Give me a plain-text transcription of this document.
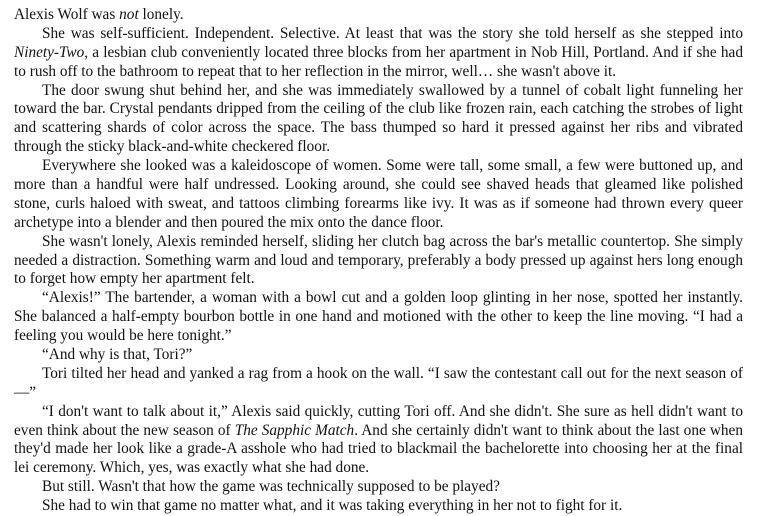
Alexis Wolf was not lonely.

She was self-sufficient. Independent. Selective. At least that was the story she told herself as she stepped into Ninety-Two, a lesbian club conveniently located three blocks from her apartment in Nob Hill, Portland. And if she had to rush off to the bathroom to repeat that to her reflection in the mirror, well… she wasn't above it.

The door swung shut behind her, and she was immediately swallowed by a tunnel of cobalt light funneling her toward the bar. Crystal pendants dripped from the ceiling of the club like frozen rain, each catching the strobes of light and scattering shards of color across the space. The bass thumped so hard it pressed against her ribs and vibrated through the sticky black-and-white checkered floor.

Everywhere she looked was a kaleidoscope of women. Some were tall, some small, a few were buttoned up, and more than a handful were half undressed. Looking around, she could see shaved heads that gleamed like polished stone, curls haloed with sweat, and tattoos climbing forearms like ivy. It was as if someone had thrown every queer archetype into a blender and then poured the mix onto the dance floor.

She wasn't lonely, Alexis reminded herself, sliding her clutch bag across the bar's metallic countertop. She simply needed a distraction. Something warm and loud and temporary, preferably a body pressed up against hers long enough to forget how empty her apartment felt.

“Alexis!” The bartender, a woman with a bowl cut and a golden loop glinting in her nose, spotted her instantly. She balanced a half-empty bourbon bottle in one hand and motioned with the other to keep the line moving. “I had a feeling you would be here tonight.”

“And why is that, Tori?”

Tori tilted her head and yanked a rag from a hook on the wall. “I saw the contestant call out for the next season of—”

“I don't want to talk about it,” Alexis said quickly, cutting Tori off. And she didn't. She sure as hell didn't want to even think about the new season of The Sapphic Match. And she certainly didn't want to think about the last one when they'd made her look like a grade-A asshole who had tried to blackmail the bachelorette into choosing her at the final lei ceremony. Which, yes, was exactly what she had done.

But still. Wasn't that how the game was technically supposed to be played?

She had to win that game no matter what, and it was taking everything in her not to fight for it.
